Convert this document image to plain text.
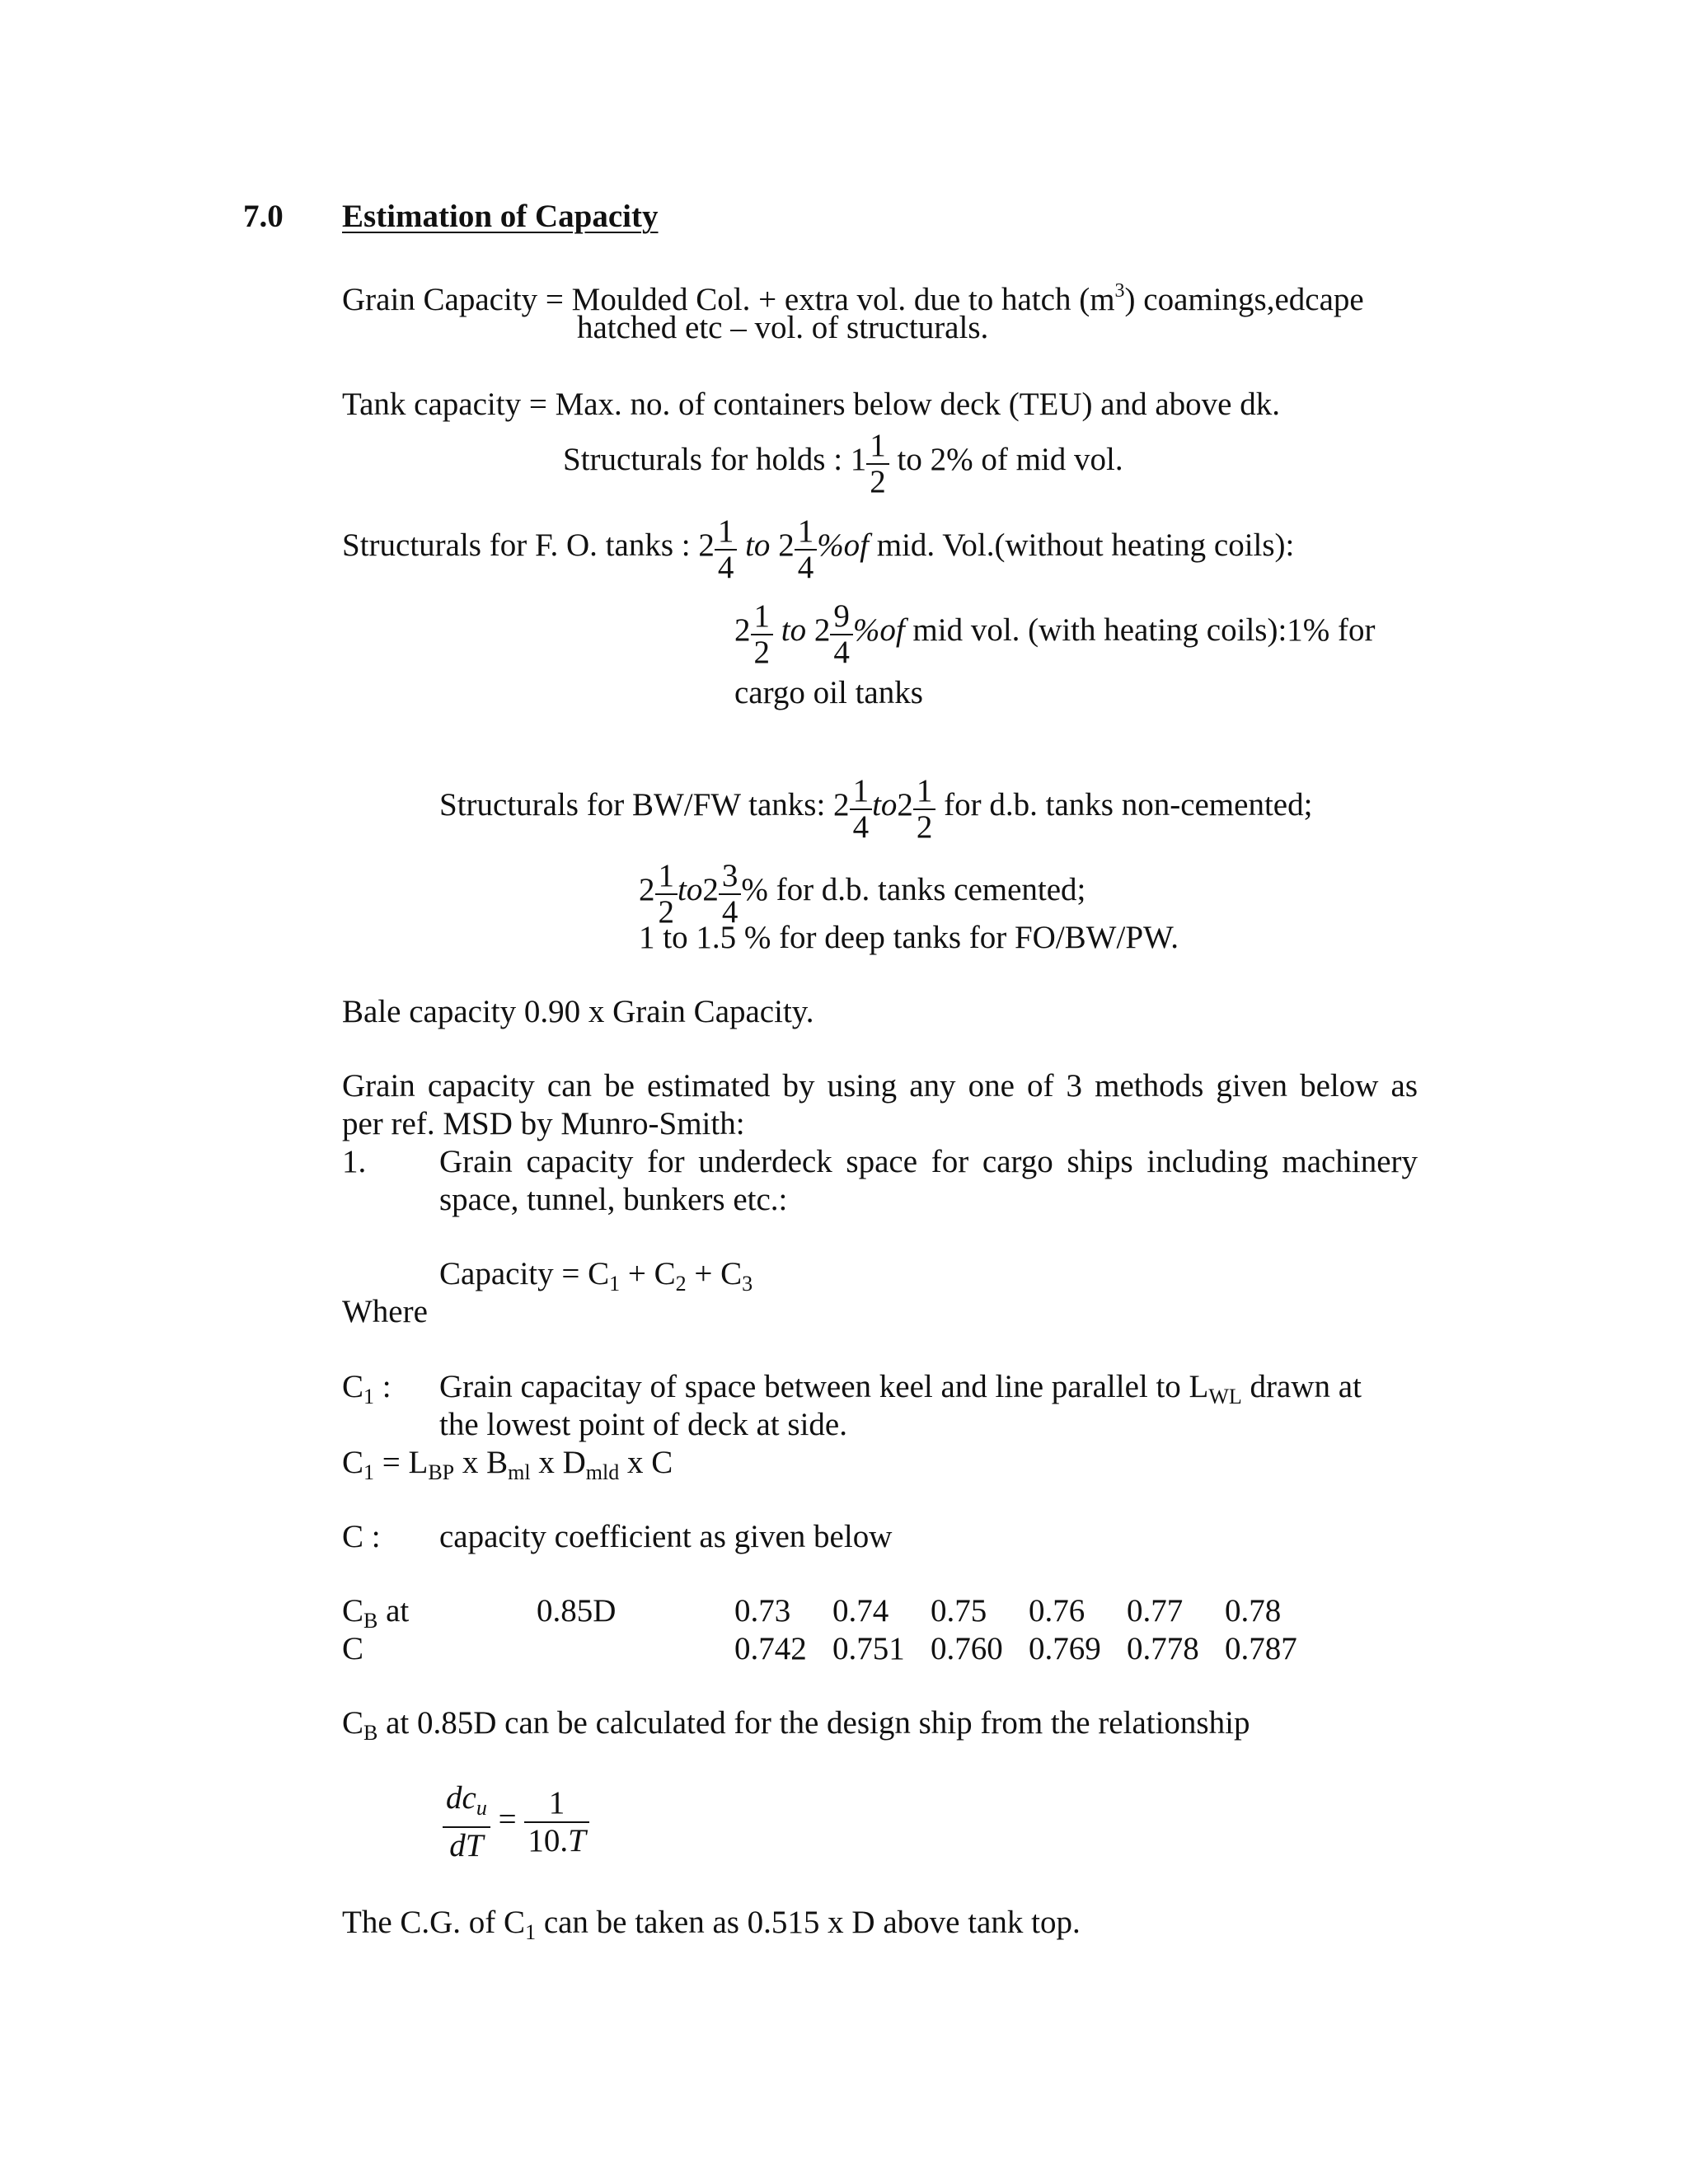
7.0 Estimation of Capacity
Grain Capacity = Moulded Col. + extra vol. due to hatch $(m^3)$ coamings,edcape
hatched etc – vol. of structurals.
Tank capacity = Max. no. of containers below deck (TEU) and above dk.
Structurals for holds : $1 \frac{1}{2}$ to 2% of mid vol.
Structurals for F. O. tanks : $2 \frac{1}{4}$ to $2 \frac{1}{4} \%of$ mid. Vol.(without heating coils):
$2 \frac{1}{2}$ to $2 \frac{9}{4} \%of$ mid vol. (with heating coils):1% for
cargo oil tanks
Structurals for BW/FW tanks: $2 \frac{1}{4} to2 \frac{1}{2}$ for d.b. tanks non-cemented;
$2 \frac{1}{2} to2 \frac{3}{4}$ % for d.b. tanks cemented;
1 to 1.5 % for deep tanks for FO/BW/PW.
Bale capacity 0.90 x Grain Capacity.
Grain capacity can be estimated by using any one of 3 methods given below as
per ref. MSD by Munro-Smith:
1. Grain capacity for underdeck space for cargo ships including machinery
space, tunnel, bunkers etc.:
Capacity = $C_1 + C_2 + C_3$
Where
$C_1$ : Grain capacitay of space between keel and line parallel to $L_{WL}$ drawn at
the lowest point of deck at side.
$C_1 = L_{BP}$ x $B_{ml}$ x $D_{mld}$ x C
C : capacity coefficient as given below
$C_B$ at	0.85D	0.73 0.74 0.75 0.76 0.77 0.78
C	0.742 0.751 0.760 0.769 0.778 0.787
$C_B$ at 0.85D can be calculated for the design ship from the relationship
$\frac{dc_u}{dT} = \frac{1}{10.T}$
The C.G. of $C_1$ can be taken as 0.515 x D above tank top.
